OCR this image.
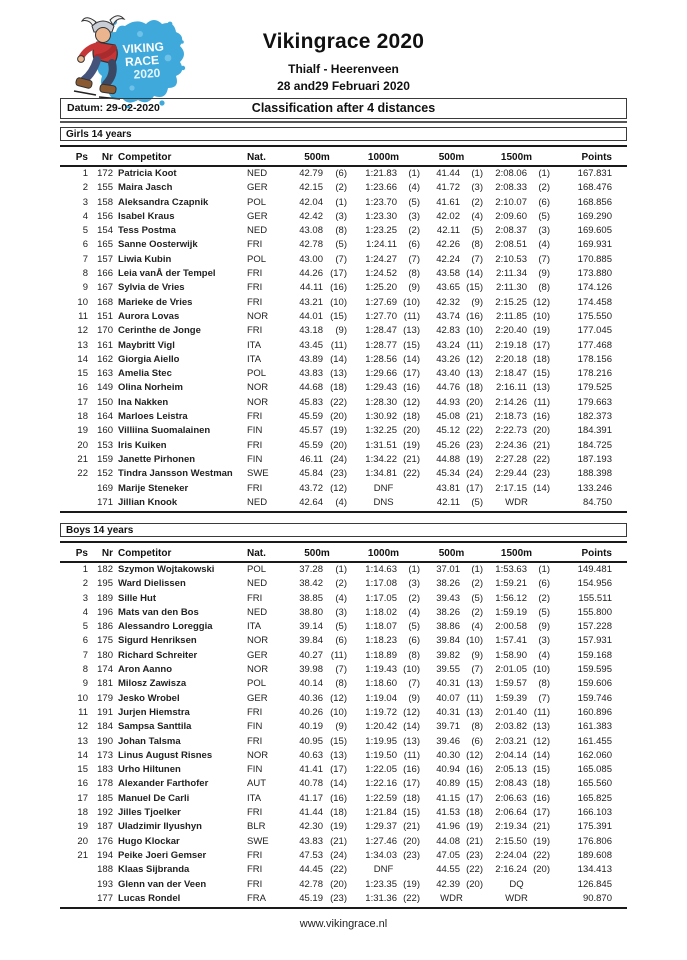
VIKING
RACE
2020
Vikingrace 2020
Thialf - Heerenveen
28 and29 Februari 2020
Datum: 29-02-2020	Classification after 4 distances
Girls 14 years
Ps	Nr Competitor	Nat.	500m	1000m	500m	1500m	Points
1 172 Patricia Koot	NED	42.79	(6)	1:21.83	(1)	41.44	(1)	2:08.06	(1)	167.831
2 155 Maira Jasch	GER	42.15	(2)	1:23.66	(4)	41.72	(3)	2:08.33	(2)	168.476
3 158 Aleksandra Czapnik	POL	42.04	(1)	1:23.70	(5)	41.61	(2)	2:10.07	(6)	168.856
4 156 Isabel Kraus	GER	42.42	(3)	1:23.30	(3)	42.02	(4)	2:09.60	(5)	169.290
5 154 Tess Postma	NED	43.08	(8)	1:23.25	(2)	42.11	(5)	2:08.37	(3)	169.605
6 165 Sanne Oosterwijk	FRI	42.78	(5)	1:24.11	(6)	42.26	(8)	2:08.51	(4)	169.931
7 157 Liwia Kubin	POL	43.00	(7)	1:24.27	(7)	42.24	(7)	2:10.53	(7)	170.885
8 166 Leia vanÅ der Tempel	FRI	44.26 (17)	1:24.52	(8)	43.58 (14)	2:11.34	(9)	173.880
9 167 Sylvia de Vries	FRI	44.11 (16)	1:25.20	(9)	43.65 (15)	2:11.30	(8)	174.126
10 168 Marieke de Vries	FRI	43.21 (10)	1:27.69 (10)	42.32	(9)	2:15.25 (12)	174.458
11 151 Aurora Lovas	NOR	44.01 (15)	1:27.70 (11)	43.74 (16)	2:11.85 (10)	175.550
12 170 Cerinthe de Jonge	FRI	43.18	(9)	1:28.47 (13)	42.83 (10)	2:20.40 (19)	177.045
13 161 Maybritt Vigl	ITA	43.45 (11)	1:28.77 (15)	43.24 (11)	2:19.18 (17)	177.468
14 162 Giorgia Aiello	ITA	43.89 (14)	1:28.56 (14)	43.26 (12)	2:20.18 (18)	178.156
15 163 Amelia Stec	POL	43.83 (13)	1:29.66 (17)	43.40 (13)	2:18.47 (15)	178.216
16 149 Olina Norheim	NOR	44.68 (18)	1:29.43 (16)	44.76 (18)	2:16.11 (13)	179.525
17 150 Ina Nakken	NOR	45.83 (22)	1:28.30 (12)	44.93 (20)	2:14.26 (11)	179.663
18 164 Marloes Leistra	FRI	45.59 (20)	1:30.92 (18)	45.08 (21)	2:18.73 (16)	182.373
19 160 Villiina Suomalainen	FIN	45.57 (19)	1:32.25 (20)	45.12 (22)	2:22.73 (20)	184.391
20 153 Iris Kuiken	FRI	45.59 (20)	1:31.51 (19)	45.26 (23)	2:24.36 (21)	184.725
21 159 Janette Pirhonen	FIN	46.11 (24)	1:34.22 (21)	44.88 (19)	2:27.28 (22)	187.193
22 152 Tindra Jansson Westman	SWE	45.84 (23)	1:34.81 (22)	45.34 (24)	2:29.44 (23)	188.398
169 Marije Steneker	FRI	43.72 (12)	DNF	43.81 (17)	2:17.15 (14)	133.246
171 Jillian Knook	NED	42.64	(4)	DNS	42.11	(5)	WDR	84.750
Boys 14 years
Ps	Nr Competitor	Nat.	500m	1000m	500m	1500m	Points
1 182 Szymon Wojtakowski	POL	37.28	(1)	1:14.63	(1)	37.01	(1)	1:53.63	(1)	149.481
2 195 Ward Dielissen	NED	38.42	(2)	1:17.08	(3)	38.26	(2)	1:59.21	(6)	154.956
3 189 Sille Hut	FRI	38.85	(4)	1:17.05	(2)	39.43	(5)	1:56.12	(2)	155.511
4 196 Mats van den Bos	NED	38.80	(3)	1:18.02	(4)	38.26	(2)	1:59.19	(5)	155.800
5 186 Alessandro Loreggia	ITA	39.14	(5)	1:18.07	(5)	38.86	(4)	2:00.58	(9)	157.228
6 175 Sigurd Henriksen	NOR	39.84	(6)	1:18.23	(6)	39.84 (10)	1:57.41	(3)	157.931
7 180 Richard Schreiter	GER	40.27 (11)	1:18.89	(8)	39.82	(9)	1:58.90	(4)	159.168
8 174 Aron Aanno	NOR	39.98	(7)	1:19.43 (10)	39.55	(7)	2:01.05 (10)	159.595
9 181 Milosz Zawisza	POL	40.14	(8)	1:18.60	(7)	40.31 (13)	1:59.57	(8)	159.606
10 179 Jesko Wrobel	GER	40.36 (12)	1:19.04	(9)	40.07 (11)	1:59.39	(7)	159.746
11 191 Jurjen Hiemstra	FRI	40.26 (10)	1:19.72 (12)	40.31 (13)	2:01.40 (11)	160.896
12 184 Sampsa Santtila	FIN	40.19	(9)	1:20.42 (14)	39.71	(8)	2:03.82 (13)	161.383
13 190 Johan Talsma	FRI	40.95 (15)	1:19.95 (13)	39.46	(6)	2:03.21 (12)	161.455
14 173 Linus August Risnes	NOR	40.63 (13)	1:19.50 (11)	40.30 (12)	2:04.14 (14)	162.060
15 183 Urho Hiltunen	FIN	41.41 (17)	1:22.05 (16)	40.94 (16)	2:05.13 (15)	165.085
16 178 Alexander Farthofer	AUT	40.78 (14)	1:22.16 (17)	40.89 (15)	2:08.43 (18)	165.560
17 185 Manuel De Carli	ITA	41.17 (16)	1:22.59 (18)	41.15 (17)	2:06.63 (16)	165.825
18 192 Jilles Tjoelker	FRI	41.44 (18)	1:21.84 (15)	41.53 (18)	2:06.64 (17)	166.103
19 187 Uladzimir Ilyushyn	BLR	42.30 (19)	1:29.37 (21)	41.96 (19)	2:19.34 (21)	175.391
20 176 Hugo Klockar	SWE	43.83 (21)	1:27.46 (20)	44.08 (21)	2:15.50 (19)	176.806
21 194 Peike Joeri Gemser	FRI	47.53 (24)	1:34.03 (23)	47.05 (23)	2:24.04 (22)	189.608
188 Klaas Sijbranda	FRI	44.45 (22)	DNF	44.55 (22)	2:16.24 (20)	134.413
193 Glenn van der Veen	FRI	42.78 (20)	1:23.35 (19)	42.39 (20)	DQ	126.845
177 Lucas Rondel	FRA	45.19 (23)	1:31.36 (22)	WDR	WDR	90.870
www.vikingrace.nl
